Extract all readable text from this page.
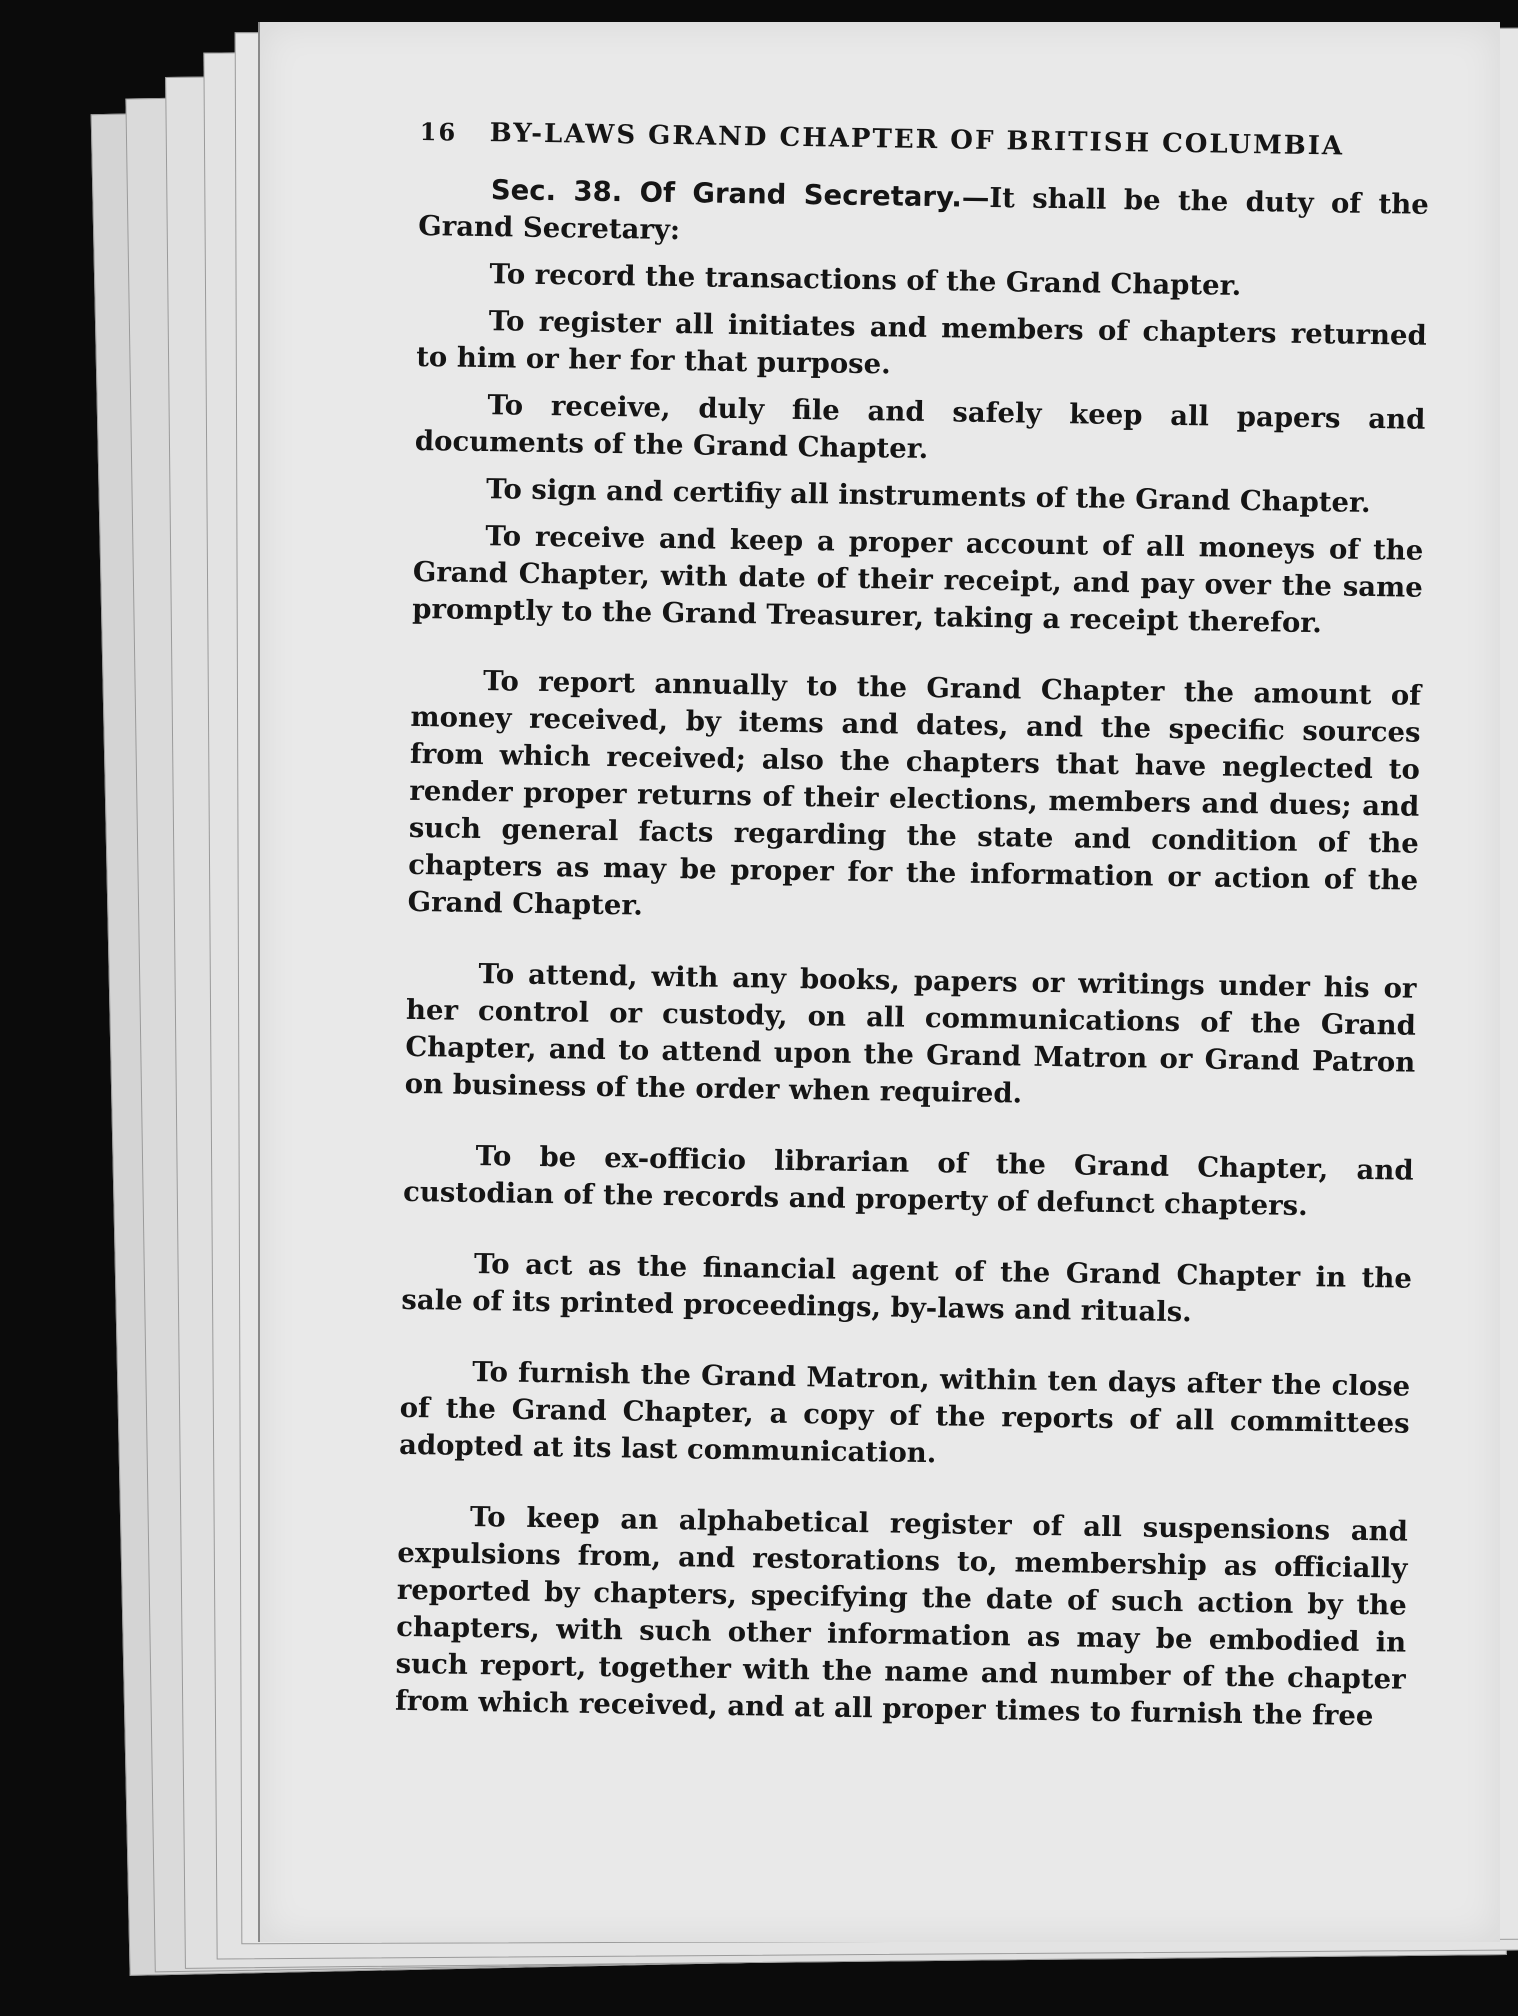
16	BY-LAWS GRAND CHAPTER OF BRITISH COLUMBIA

Sec. 38. Of Grand Secretary.—It shall be the duty of the Grand Secretary:

To record the transactions of the Grand Chapter.

To register all initiates and members of chapters returned to him or her for that purpose.

To receive, duly file and safely keep all papers and documents of the Grand Chapter.

To sign and certifiy all instruments of the Grand Chapter.

To receive and keep a proper account of all moneys of the Grand Chapter, with date of their receipt, and pay over the same promptly to the Grand Treasurer, taking a receipt therefor.

To report annually to the Grand Chapter the amount of money received, by items and dates, and the specific sources from which received; also the chapters that have neglected to render proper returns of their elections, members and dues; and such general facts regarding the state and condition of the chapters as may be proper for the information or action of the Grand Chapter.

To attend, with any books, papers or writings under his or her control or custody, on all communications of the Grand Chapter, and to attend upon the Grand Matron or Grand Patron on business of the order when required.

To be ex-officio librarian of the Grand Chapter, and custodian of the records and property of defunct chapters.

To act as the financial agent of the Grand Chapter in the sale of its printed proceedings, by-laws and rituals.

To furnish the Grand Matron, within ten days after the close of the Grand Chapter, a copy of the reports of all committees adopted at its last communication.

To keep an alphabetical register of all suspensions and expulsions from, and restorations to, membership as officially reported by chapters, specifying the date of such action by the chapters, with such other information as may be embodied in such report, together with the name and number of the chapter from which received, and at all proper times to furnish the free
